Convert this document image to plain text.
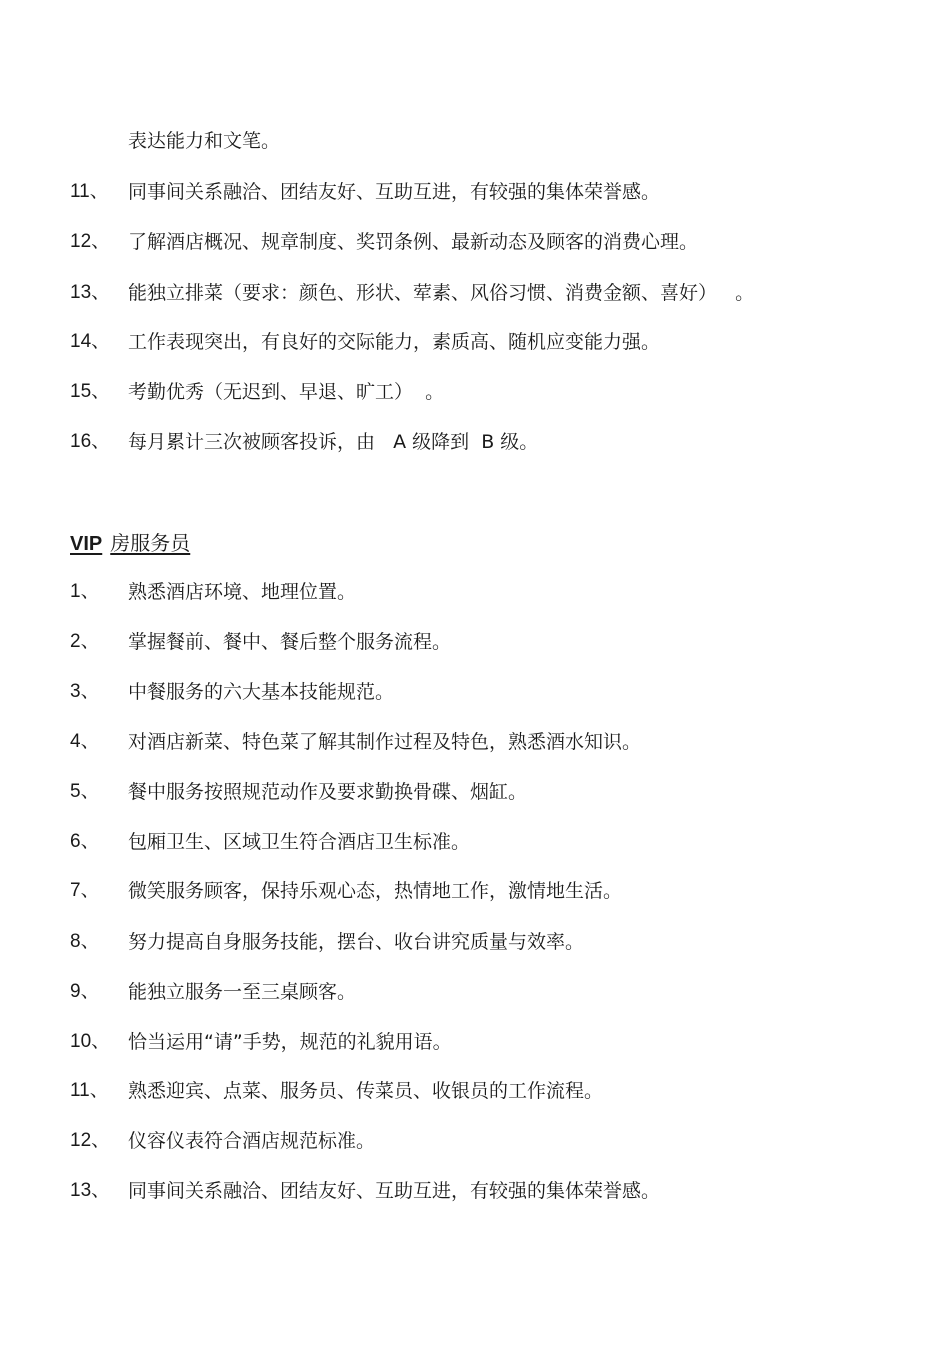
表达能力和文笔。
11、 同事间关系融洽、团结友好、互助互进，有较强的集体荣誉感。
12、 了解酒店概况、规章制度、奖罚条例、最新动态及顾客的消费心理。
13、 能独立排菜（要求：颜色、形状、荤素、风俗习惯、消费金额、喜好）   。
14、 工作表现突出，有良好的交际能力，素质高、随机应变能力强。
15、 考勤优秀（无迟到、早退、旷工）  。
16、 每月累计三次被顾客投诉，由   A 级降到  B 级。
VIP 房服务员
1、 熟悉酒店环境、地理位置。
2、 掌握餐前、餐中、餐后整个服务流程。
3、 中餐服务的六大基本技能规范。
4、 对酒店新菜、特色菜了解其制作过程及特色，熟悉酒水知识。
5、 餐中服务按照规范动作及要求勤换骨碟、烟缸。
6、 包厢卫生、区域卫生符合酒店卫生标准。
7、 微笑服务顾客，保持乐观心态，热情地工作，激情地生活。
8、 努力提高自身服务技能，摆台、收台讲究质量与效率。
9、 能独立服务一至三桌顾客。
10、 恰当运用“请”手势，规范的礼貌用语。
11、 熟悉迎宾、点菜、服务员、传菜员、收银员的工作流程。
12、 仪容仪表符合酒店规范标准。
13、 同事间关系融洽、团结友好、互助互进，有较强的集体荣誉感。
